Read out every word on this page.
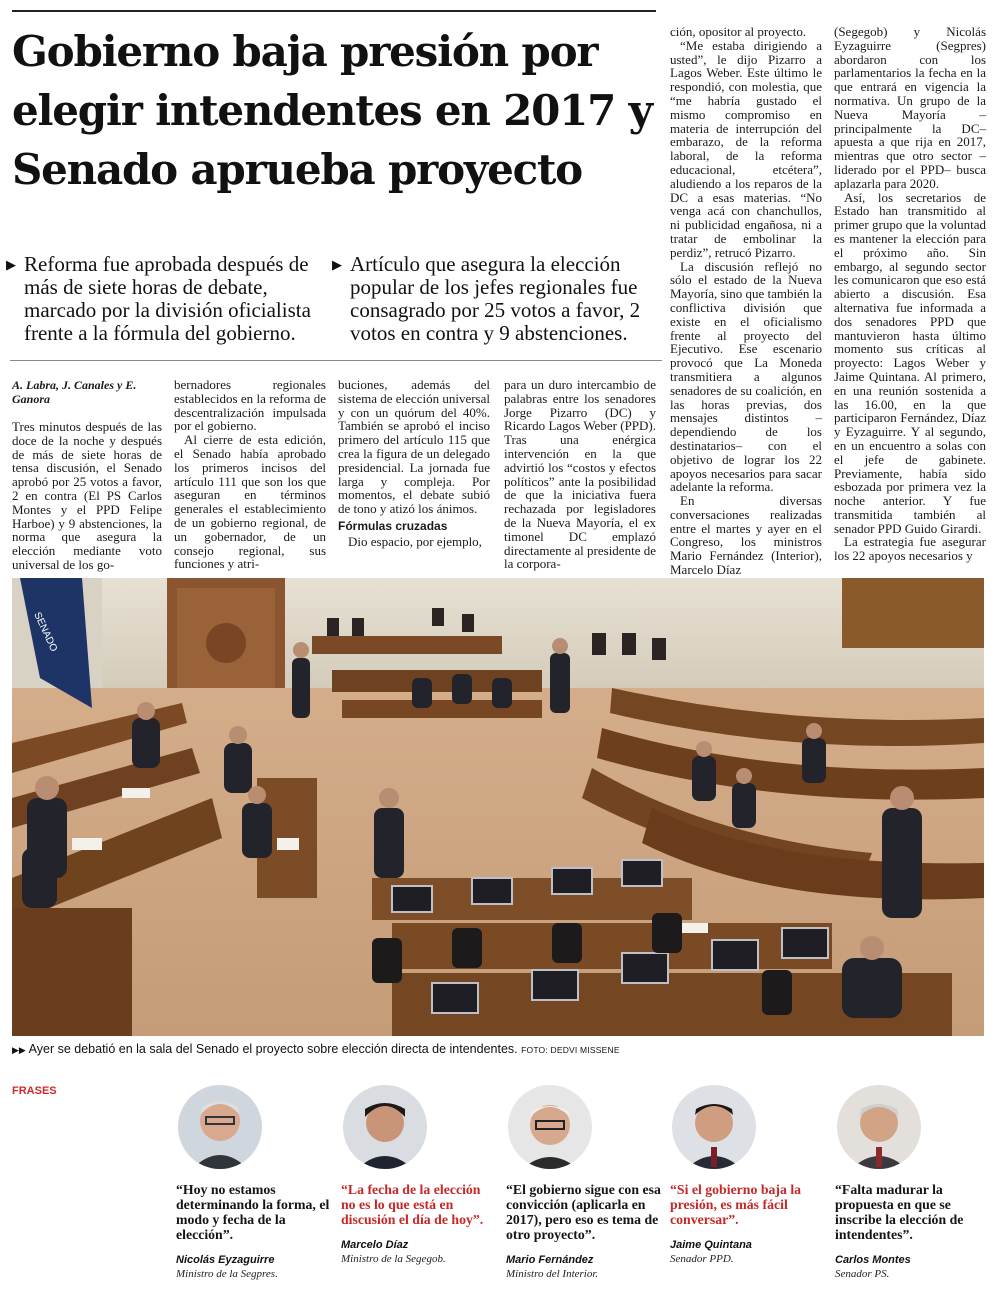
Gobierno baja presión por elegir intendentes en 2017 y Senado aprueba proyecto
▶ Reforma fue aprobada después de más de siete horas de debate, marcado por la división oficialista frente a la fórmula del gobierno.

▶ Artículo que asegura la elección popular de los jefes regionales fue consagrado por 25 votos a favor, 2 votos en contra y 9 abstenciones.

A. Labra, J. Canales y E. Ganora

Tres minutos después de las doce de la noche y después de más de siete horas de tensa discusión, el Senado aprobó por 25 votos a favor, 2 en contra (El PS Carlos Montes y el PPD Felipe Harboe) y 9 abstenciones, la norma que asegura la elección mediante voto universal de los go-

bernadores regionales establecidos en la reforma de descentralización impulsada por el gobierno.

Al cierre de esta edición, el Senado había aprobado los primeros incisos del artículo 111 que son los que aseguran en términos generales el establecimiento de un gobierno regional, de un gobernador, de un consejo regional, sus funciones y atri-

buciones, además del sistema de elección universal y con un quórum del 40%. También se aprobó el inciso primero del artículo 115 que crea la figura de un delegado presidencial. La jornada fue larga y compleja. Por momentos, el debate subió de tono y atizó los ánimos.

Fórmulas cruzadas

Dio espacio, por ejemplo,

para un duro intercambio de palabras entre los senadores Jorge Pizarro (DC) y Ricardo Lagos Weber (PPD). Tras una enérgica intervención en la que advirtió los “costos y efectos políticos” ante la posibilidad de que la iniciativa fuera rechazada por legisladores de la Nueva Mayoría, el ex timonel DC emplazó directamente al presidente de la corpora-

ción, opositor al proyecto.

“Me estaba dirigiendo a usted”, le dijo Pizarro a Lagos Weber. Este último le respondió, con molestia, que “me habría gustado el mismo compromiso en materia de interrupción del embarazo, de la reforma laboral, de la reforma educacional, etcétera”, aludiendo a los reparos de la DC a esas materias. “No venga acá con chanchullos, ni publicidad engañosa, ni a tratar de embolinar la perdiz”, retrucó Pizarro.

La discusión reflejó no sólo el estado de la Nueva Mayoría, sino que también la conflictiva división que existe en el oficialismo frente al proyecto del Ejecutivo. Ese escenario provocó que La Moneda transmitiera a algunos senadores de su coalición, en las horas previas, dos mensajes distintos –dependiendo de los destinatarios– con el objetivo de lograr los 22 apoyos necesarios para sacar adelante la reforma.

En diversas conversaciones realizadas entre el martes y ayer en el Congreso, los ministros Mario Fernández (Interior), Marcelo Díaz

(Segegob) y Nicolás Eyzaguirre (Segpres) abordaron con los parlamentarios la fecha en la que entrará en vigencia la normativa. Un grupo de la Nueva Mayoría –principalmente la DC– apuesta a que rija en 2017, mientras que otro sector –liderado por el PPD– busca aplazarla para 2020.

Así, los secretarios de Estado han transmitido al primer grupo que la voluntad es mantener la elección para el próximo año. Sin embargo, al segundo sector les comunicaron que eso está abierto a discusión. Esa alternativa fue informada a dos senadores PPD que mantuvieron hasta último momento sus críticas al proyecto: Lagos Weber y Jaime Quintana. Al primero, en una reunión sostenida a las 16.00, en la que participaron Fernández, Díaz y Eyzaguirre. Y al segundo, en un encuentro a solas con el jefe de gabinete. Previamente, había sido esbozada por primera vez la noche anterior. Y fue transmitida también al senador PPD Guido Girardi.

La estrategia fue asegurar los 22 apoyos necesarios y

SENADO
▶▶ Ayer se debatió en la sala del Senado el proyecto sobre elección directa de intendentes. FOTO: DEDVI MISSENE
FRASES
“Hoy no estamos determinando la forma, el modo y fecha de la elección”.
Nicolás Eyzaguirre
Ministro de la Segpres.
“La fecha de la elección no es lo que está en discusión el día de hoy”.
Marcelo Díaz
Ministro de la Segegob.
“El gobierno sigue con esa convicción (aplicarla en 2017), pero eso es tema de otro proyecto”.
Mario Fernández
Ministro del Interior.
“Si el gobierno baja la presión, es más fácil conversar”.
Jaime Quintana
Senador PPD.
“Falta madurar la propuesta en que se inscribe la elección de intendentes”.
Carlos Montes
Senador PS.
